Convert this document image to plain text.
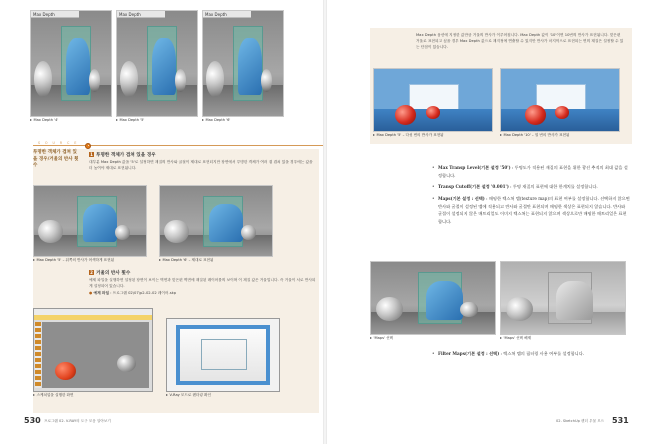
Max Depth
Max Depth '4'
Max Depth
Max Depth '5'
Max Depth
Max Depth '6'
S O U R C E
투명한 객체가 겹쳐 있을 경우/거울의 반사 횟수
1 투명한 객체가 겹쳐 있을 경우
대부분 Max Depth 값을 '5'로 설정하면 재질의 반사와 굴절이 제대로 표현되지만 장면에서 투명한 객체가 여러 겹 겹쳐 있을 경우에는 값을 더 높여야 제대로 표현됩니다.
Max Depth '5' – 뒤쪽의 반사가 어색하게 표현됨	Max Depth '6' – 제대로 표현됨
2 거울의 반사 횟수
예제 파일을 실행하면 설정된 장면이 보이는 벽면과 맞은편 벽면에 재질된 레이어를의 보이며 이 재질 값은 거울입니다. 즉 거울이 서로 반사되게 설정되어 있습니다.
● 예제 파일 : 프로그램 02\07\p2-02-02 레이어.skp
스케치업을 실행한 화면	V-Ray 모드로 렌더링 확인
530 프로그램 02. V-RAY의 도구 모음 알아보기
Max Depth 옵션에 지정한 값만큼 거울의 반사가 이루어집니다. Max Depth 값이 '10'이면 10번의 반사가 표현됩니다. 맞은편 거울로 표현되고 싶을 경우 Max Depth 값으로 재지정에 연출할 수 있지만 반사가 마지막으로 표현되는 면의 재질은 설정할 수 있는 단점이 있습니다.
Max Depth '5' – 다섯 번의 반사가 표현됨	Max Depth '10' – 열 번의 반사가 표현됨
• Max Transp Level(기본 설정 '50') : 투명도가 적용된 재질의 표현을 위한 광선 추적의 최대 값을 설정합니다.
• Transp Cutoff(기본 설정 '0.001') : 투명 재질의 표현에 대한 한계치를 설정합니다.
• Maps(기본 설정 : 선택) : 매핑한 텍스쳐 맵(texture map)의 표현 여부를 설정합니다. 선택하지 않으면 반사와 굴절이 설정된 맵에 적용되고 반사와 굴절만 표현되며 매핑한 색상은 표현되지 않습니다. 반사와 굴절이 설정되지 않은 매트리얼도 이미지 텍스쳐는 표현되지 않으며 색상으로만 매핑한 매트리얼은 표현합니다.
'Maps' 선택	'Maps' 선택 해제
• Filter Maps(기본 설정 : 선택) : 텍스쳐 맵의 필터링 사용 여부를 설정합니다.
02. SketchUp 렌더 우물 모으 531
